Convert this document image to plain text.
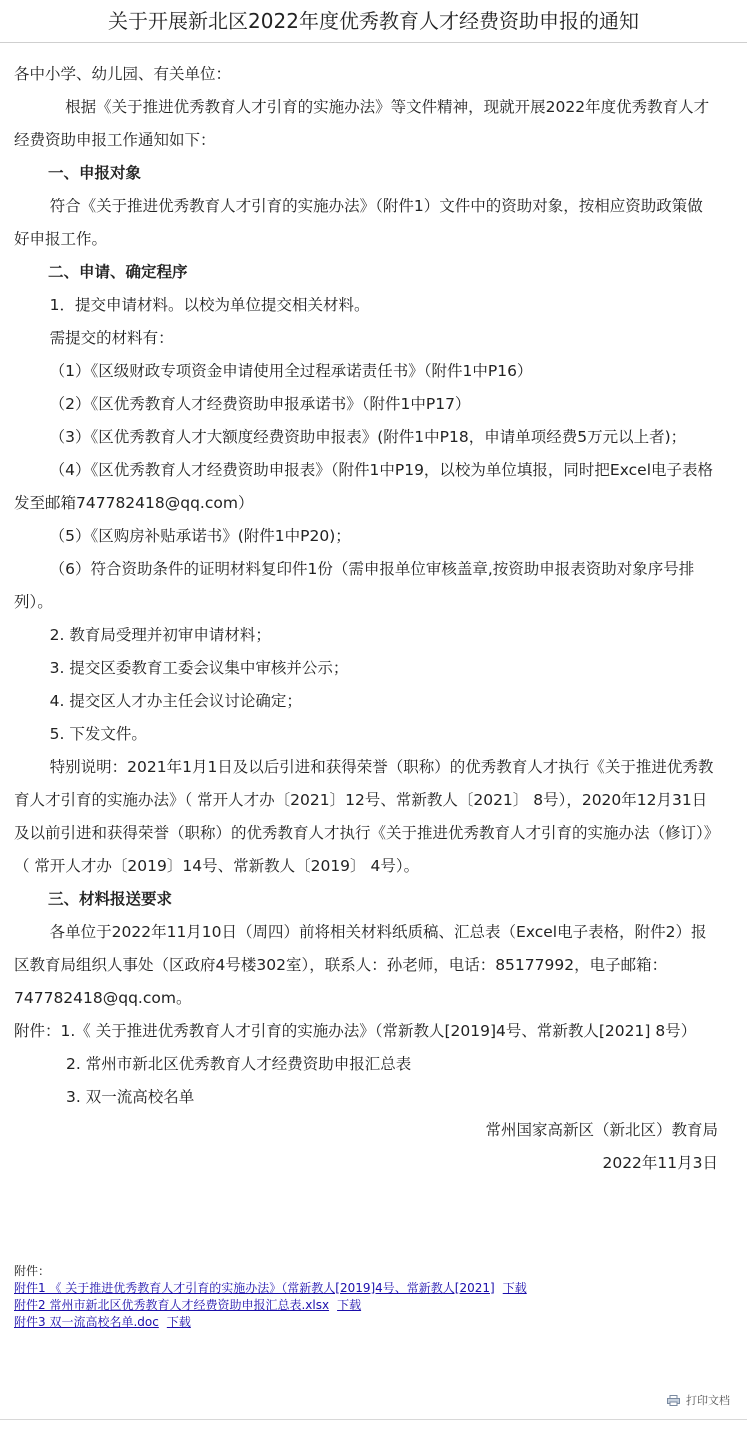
关于开展新北区2022年度优秀教育人才经费资助申报的通知

各中小学、幼儿园、有关单位：

根据《关于推进优秀教育人才引育的实施办法》等文件精神，现就开展2022年度优秀教育人才经费资助申报工作通知如下：

一、申报对象

符合《关于推进优秀教育人才引育的实施办法》（附件1）文件中的资助对象，按相应资助政策做好申报工作。

二、申请、确定程序

1．提交申请材料。以校为单位提交相关材料。

需提交的材料有：

（1）《区级财政专项资金申请使用全过程承诺责任书》（附件1中P16）

（2）《区优秀教育人才经费资助申报承诺书》（附件1中P17）

（3）《区优秀教育人才大额度经费资助申报表》(附件1中P18，申请单项经费5万元以上者)；

（4）《区优秀教育人才经费资助申报表》（附件1中P19，以校为单位填报，同时把Excel电子表格发至邮箱747782418@qq.com）

（5）《区购房补贴承诺书》(附件1中P20)；

（6）符合资助条件的证明材料复印件1份（需申报单位审核盖章,按资助申报表资助对象序号排列）。

2. 教育局受理并初审申请材料；

3. 提交区委教育工委会议集中审核并公示；

4. 提交区人才办主任会议讨论确定；

5. 下发文件。

特别说明：2021年1月1日及以后引进和获得荣誉（职称）的优秀教育人才执行《关于推进优秀教育人才引育的实施办法》（ 常开人才办〔2021〕12号、常新教人〔2021〕 8号），2020年12月31日及以前引进和获得荣誉（职称）的优秀教育人才执行《关于推进优秀教育人才引育的实施办法（修订）》（ 常开人才办〔2019〕14号、常新教人〔2019〕 4号）。

三、材料报送要求

各单位于2022年11月10日（周四）前将相关材料纸质稿、汇总表（Excel电子表格，附件2）报区教育局组织人事处（区政府4号楼302室），联系人：孙老师，电话：85177992，电子邮箱：747782418@qq.com。

附件：1.《 关于推进优秀教育人才引育的实施办法》（常新教人[2019]4号、常新教人[2021] 8号）

2. 常州市新北区优秀教育人才经费资助申报汇总表

3. 双一流高校名单

常州国家高新区（新北区）教育局

2022年11月3日

附件：
附件1 《 关于推进优秀教育人才引育的实施办法》（常新教人[2019]4号、常新教人[2021] 下载
附件2 常州市新北区优秀教育人才经费资助申报汇总表.xlsx 下载
附件3 双一流高校名单.doc 下载
打印文档
